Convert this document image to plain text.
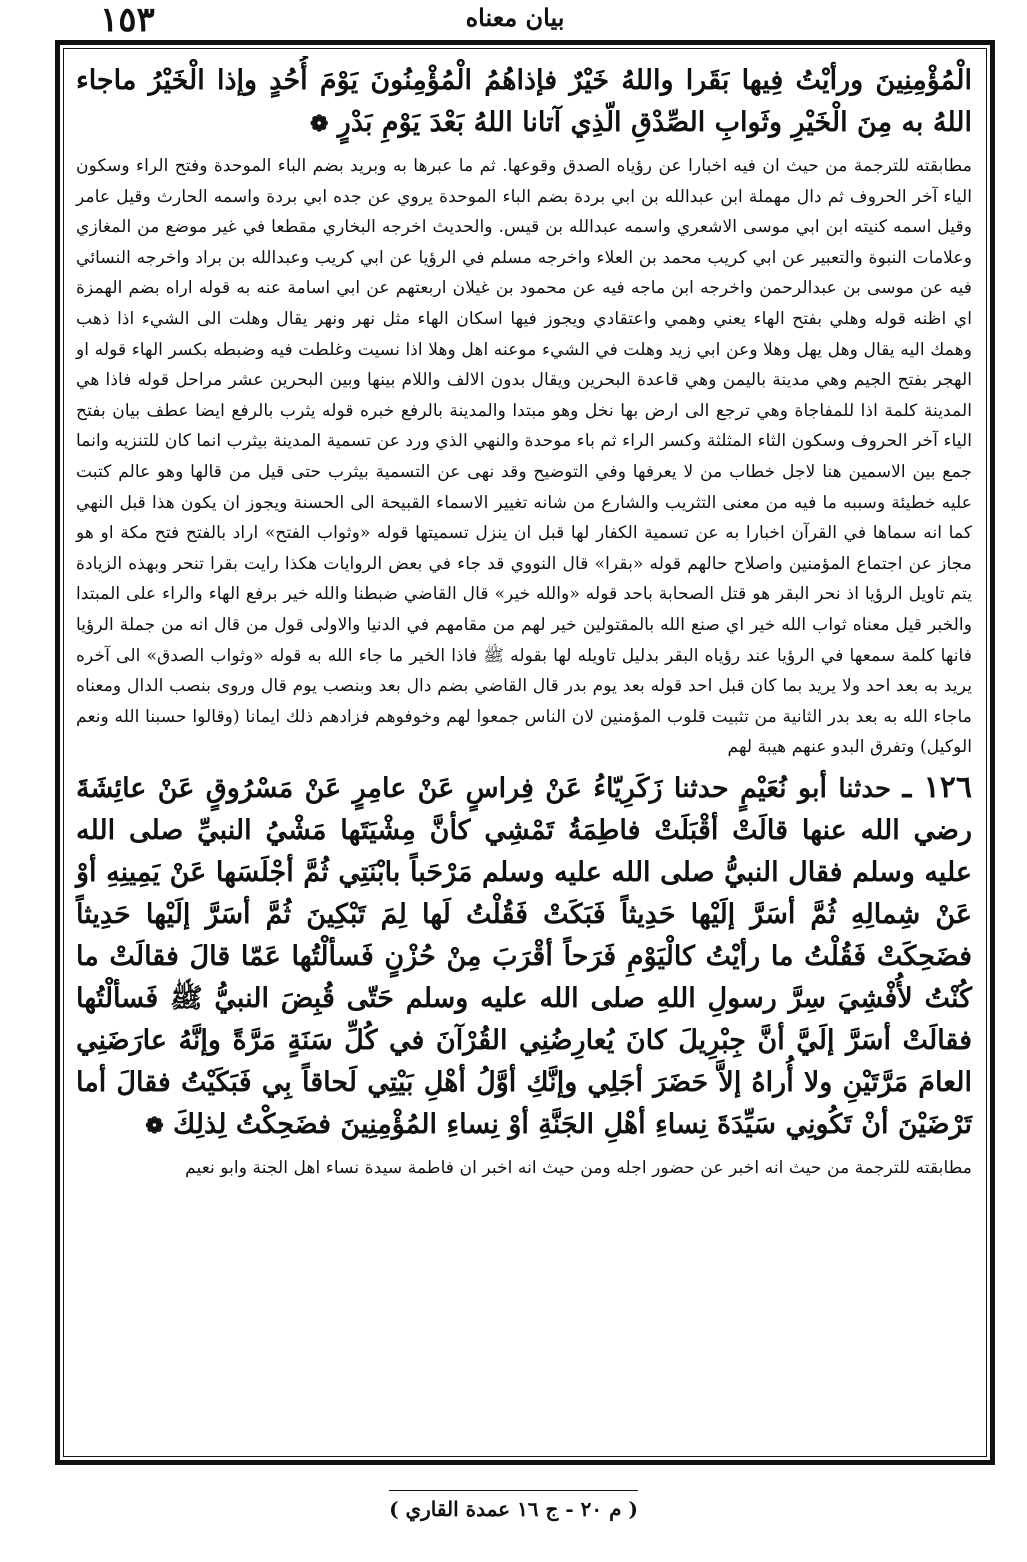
١٥٣	بیان معناه

الْمُؤْمِنِينَ ورأيْتُ فِيها بَقَرا واللهُ خَيْرٌ فإذاهُمُ الْمُؤْمِنُونَ يَوْمَ أُحُدٍ وإذا الْخَيْرُ ماجاء اللهُ به مِنَ الْخَيْرِ وثَوابِ الصِّدْقِ الّذِي آتانا اللهُ بَعْدَ يَوْمِ بَدْرٍ ❁

مطابقته للترجمة من حيث ان فيه اخبارا عن رؤياه الصدق وقوعها. ثم ما عبرها به وبريد بضم الباء الموحدة وفتح الراء وسكون الياء آخر الحروف ثم دال مهملة ابن عبدالله بن ابي بردة بضم الباء الموحدة يروي عن جده ابي بردة واسمه الحارث وقيل عامر وقيل اسمه كنيته ابن ابي موسى الاشعري واسمه عبدالله بن قيس. والحديث اخرجه البخاري مقطعا في غير موضع من المغازي وعلامات النبوة والتعبير عن ابي كريب محمد بن العلاء واخرجه مسلم في الرؤيا عن ابي كريب وعبدالله بن براد واخرجه النسائي فيه عن موسى بن عبدالرحمن واخرجه ابن ماجه فيه عن محمود بن غيلان اربعتهم عن ابي اسامة عنه به قوله اراه بضم الهمزة اي اظنه قوله وهلي بفتح الهاء يعني وهمي واعتقادي ويجوز فيها اسكان الهاء مثل نهر ونهر يقال وهلت الى الشيء اذا ذهب وهمك اليه يقال وهل يهل وهلا وعن ابي زيد وهلت في الشيء موعنه اهل وهلا اذا نسيت وغلطت فيه وضبطه بكسر الهاء قوله او الهجر بفتح الجيم وهي مدينة باليمن وهي قاعدة البحرين ويقال بدون الالف واللام بينها وبين البحرين عشر مراحل قوله فاذا هي المدينة كلمة اذا للمفاجاة وهي ترجع الى ارض بها نخل وهو مبتدا والمدينة بالرفع خبره قوله يثرب بالرفع ايضا عطف بيان بفتح الياء آخر الحروف وسكون الثاء المثلثة وكسر الراء ثم باء موحدة والنهي الذي ورد عن تسمية المدينة بيثرب انما كان للتنزيه وانما جمع بين الاسمين هنا لاجل خطاب من لا يعرفها وفي التوضيح وقد نهى عن التسمية بيثرب حتى قيل من قالها وهو عالم كتبت عليه خطيئة وسببه ما فيه من معنى التثريب والشارع من شانه تغيير الاسماء القبيحة الى الحسنة ويجوز ان يكون هذا قبل النهي كما انه سماها في القرآن اخبارا به عن تسمية الكفار لها قبل ان ينزل تسميتها قوله «وثواب الفتح» اراد بالفتح فتح مكة او هو مجاز عن اجتماع المؤمنين واصلاح حالهم قوله «بقرا» قال النووي قد جاء في بعض الروايات هكذا رايت بقرا تنحر وبهذه الزيادة يتم تاويل الرؤيا اذ نحر البقر هو قتل الصحابة باحد قوله «والله خير» قال القاضي ضبطنا والله خير برفع الهاء والراء على المبتدا والخبر قيل معناه ثواب الله خير اي صنع الله بالمقتولين خير لهم من مقامهم في الدنيا والاولى قول من قال انه من جملة الرؤيا فانها كلمة سمعها في الرؤيا عند رؤياه البقر بدليل تاويله لها بقوله ﷺ فاذا الخير ما جاء الله به قوله «وثواب الصدق» الى آخره يريد به بعد احد ولا يريد بما كان قبل احد قوله بعد يوم بدر قال القاضي بضم دال بعد وبنصب يوم قال وروى بنصب الدال ومعناه ماجاء الله به بعد بدر الثانية من تثبيت قلوب المؤمنين لان الناس جمعوا لهم وخوفوهم فزادهم ذلك ايمانا (وقالوا حسبنا الله ونعم الوكيل) وتفرق البدو عنهم هيبة لهم

١٢٦ ـ حدثنا أبو نُعَيْمٍ حدثنا زَكَرِيّاءُ عَنْ فِراسٍ عَنْ عامِرٍ عَنْ مَسْرُوقٍ عَنْ عائِشَةَ رضي الله عنها قالَتْ أقْبَلَتْ فاطِمَةُ تَمْشِي كأنَّ مِشْيَتَها مَشْيُ النبيِّ صلى الله عليه وسلم فقال النبيُّ صلى الله عليه وسلم مَرْحَباً بابْنَتِي ثُمَّ أجْلَسَها عَنْ يَمِينِهِ أوْ عَنْ شِمالِهِ ثُمَّ أسَرَّ إلَيْها حَدِيثاً فَبَكَتْ فَقُلْتُ لَها لِمَ تَبْكِينَ ثُمَّ أسَرَّ إلَيْها حَدِيثاً فضَحِكَتْ فَقُلْتُ ما رأيْتُ كالْيَوْمِ فَرَحاً أقْرَبَ مِنْ حُزْنٍ فَسألْتُها عَمّا قالَ فقالَتْ ما كُنْتُ لأُفْشِيَ سِرَّ رسولِ اللهِ صلى الله عليه وسلم حَتّى قُبِضَ النبيُّ ﷺ فَسألْتُها فقالَتْ أسَرَّ إلَيَّ أنَّ جِبْرِيلَ كانَ يُعارِضُنِي القُرْآنَ في كُلِّ سَنَةٍ مَرَّةً وإنَّهُ عارَضَنِي العامَ مَرَّتَيْنِ ولا أُراهُ إلاَّ حَضَرَ أجَلِي وإنَّكِ أوَّلُ أهْلِ بَيْتِي لَحاقاً بِي فَبَكَيْتُ فقالَ أما تَرْضَيْنَ أنْ تَكُونِي سَيِّدَةَ نِساءِ أهْلِ الجَنَّةِ أوْ نِساءِ المُؤْمِنِينَ فضَحِكْتُ لِذلِكَ ❁

مطابقته للترجمة من حيث انه اخبر عن حضور اجله ومن حيث انه اخبر ان فاطمة سيدة نساء اهل الجنة وابو نعيم

( م ٢٠ - ج ١٦ عمدة القاري )
